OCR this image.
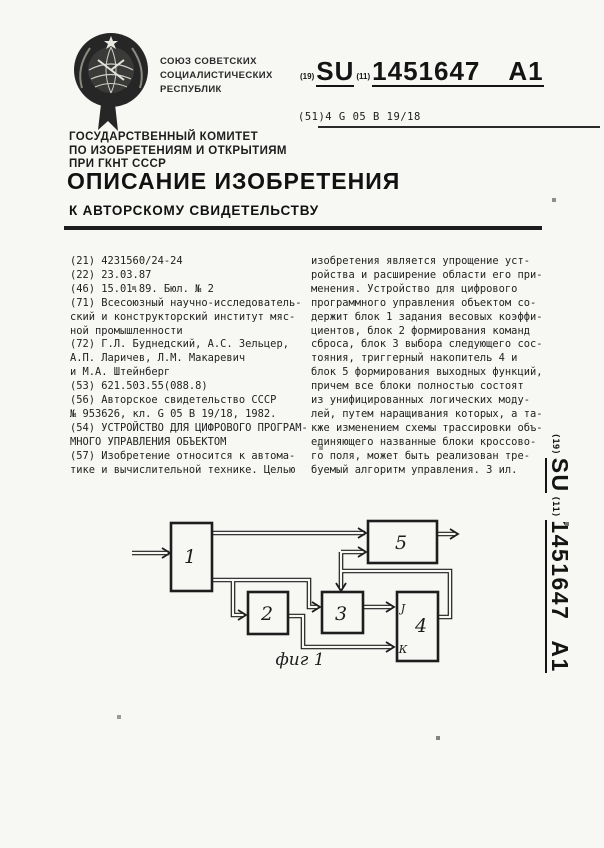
СОЮЗ СОВЕТСКИХ
СОЦИАЛИСТИЧЕСКИХ
РЕСПУБЛИК
(19) SU (11) 1451647 А1
(51)4 G 05 B 19/18
ГОСУДАРСТВЕННЫЙ КОМИТЕТ
ПО ИЗОБРЕТЕНИЯМ И ОТКРЫТИЯМ
ПРИ ГКНТ СССР
ОПИСАНИЕ ИЗОБРЕТЕНИЯ
К АВТОРСКОМУ СВИДЕТЕЛЬСТВУ
(21) 4231560/24-24
(22) 23.03.87
(46) 15.01.89. Бюл. № 2
(71) Всесоюзный научно-исследователь-
ский и конструкторский институт мяс-
ной промышленности
(72) Г.Л. Буднедский, А.С. Зельцер,
А.П. Ларичев, Л.М. Макаревич
и М.А. Штейнберг
(53) 621.503.55(088.8)
(56) Авторское свидетельство СССР
№ 953626, кл. G 05 B 19/18, 1982.
(54) УСТРОЙСТВО ДЛЯ ЦИФРОВОГО ПРОГРАМ-
МНОГО УПРАВЛЕНИЯ ОБЪЕКТОМ
(57) Изобретение относится к автома-
тике и вычислительной технике. Целью
изобретения является упрощение уст-
ройства и расширение области его при-
менения. Устройство для цифрового
программного управления объектом со-
держит блок 1 задания весовых коэффи-
циентов, блок 2 формирования команд
сброса, блок 3 выбора следующего сос-
тояния, триггерный накопитель 4 и
блок 5 формирования выходных функций,
причем все блоки полностью состоят
из унифицированных логических моду-
лей, путем наращивания которых, а та-
кже изменением схемы трассировки объ-
единяющего названные блоки кроссово-
го поля, может быть реализован тре-
буемый алгоритм управления. 3 ил.
1
5
2	3
4
J
К
фиг 1
(19)
SU
(11)
1451647
А1
